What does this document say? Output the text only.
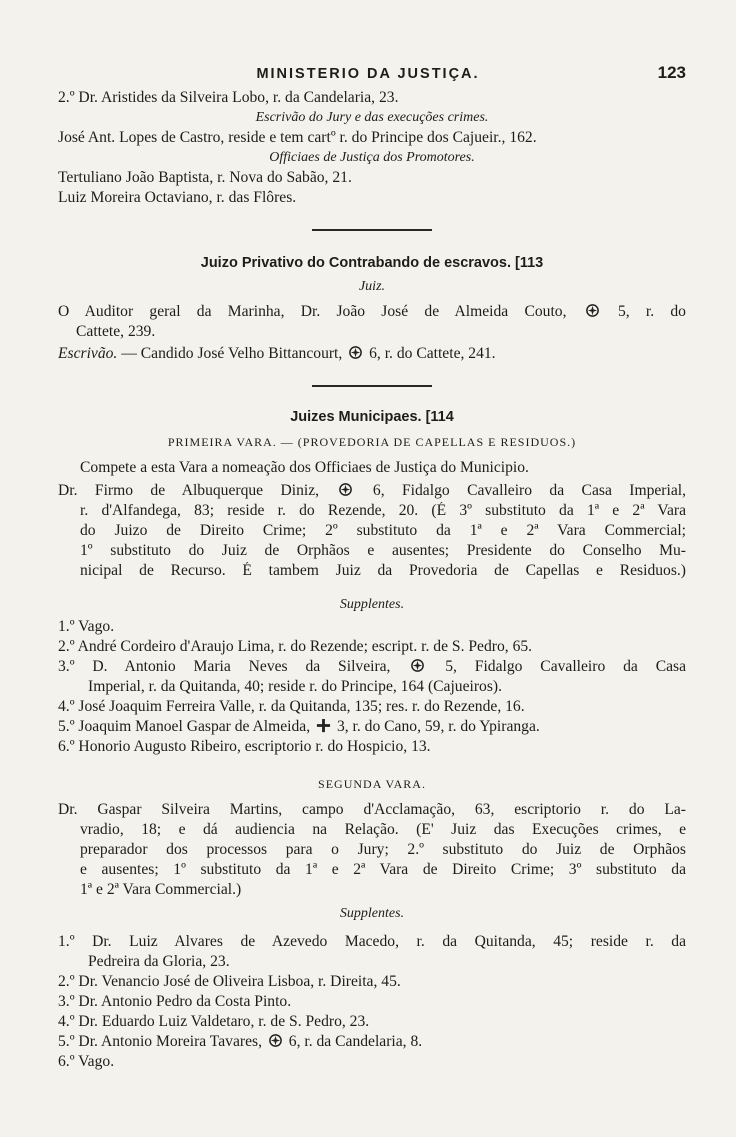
MINISTERIO DA JUSTIÇA.	123
2.º Dr. Aristides da Silveira Lobo, r. da Candelaria, 23.
Escrivão do Jury e das execuções crimes.
José Ant. Lopes de Castro, reside e tem cartº r. do Principe dos Cajueir., 162.
Officiaes de Justiça dos Promotores.
Tertuliano João Baptista, r. Nova do Sabão, 21.
Luiz Moreira Octaviano, r. das Flôres.
Juizo Privativo do Contrabando de escravos. [113
Juiz.
O Auditor geral da Marinha, Dr. João José de Almeida Couto,	5, r. do
Cattete, 239.
Escrivão. — Candido José Velho Bittancourt, 6, r. do Cattete, 241.
Juizes Municipaes. [114
PRIMEIRA VARA. — (PROVEDORIA DE CAPELLAS E RESIDUOS.)
Compete a esta Vara a nomeação dos Officiaes de Justiça do Municipio.
Dr. Firmo de Albuquerque Diniz,	6, Fidalgo Cavalleiro da Casa Imperial,
r. d'Alfandega, 83; reside r. do Rezende, 20. (É 3º substituto da 1ª e 2ª Vara
do Juizo de Direito Crime; 2º substituto da 1ª e 2ª Vara Commercial;
1º substituto do Juiz de Orphãos e ausentes; Presidente do Conselho Mu-
nicipal de Recurso. É tambem Juiz da Provedoria de Capellas e Residuos.)
Supplentes.
1.º Vago.
2.º André Cordeiro d'Araujo Lima, r. do Rezende; escript. r. de S. Pedro, 65.
3.º D. Antonio Maria Neves da Silveira,	5, Fidalgo Cavalleiro da Casa
Imperial, r. da Quitanda, 40; reside r. do Principe, 164 (Cajueiros).
4.º José Joaquim Ferreira Valle, r. da Quitanda, 135; res. r. do Rezende, 16.
5.º Joaquim Manoel Gaspar de Almeida, 3, r. do Cano, 59, r. do Ypiranga.
6.º Honorio Augusto Ribeiro, escriptorio r. do Hospicio, 13.
SEGUNDA VARA.
Dr. Gaspar Silveira Martins, campo d'Acclamação, 63, escriptorio r. do La-
vradio, 18; e dá audiencia na Relação. (E' Juiz das Execuções crimes, e
preparador dos processos para o Jury; 2.º substituto do Juiz de Orphãos
e ausentes; 1º substituto da 1ª e 2ª Vara de Direito Crime; 3º substituto da
1ª e 2ª Vara Commercial.)
Supplentes.
1.º Dr. Luiz Alvares de Azevedo Macedo, r. da Quitanda, 45; reside r. da
Pedreira da Gloria, 23.
2.º Dr. Venancio José de Oliveira Lisboa, r. Direita, 45.
3.º Dr. Antonio Pedro da Costa Pinto.
4.º Dr. Eduardo Luiz Valdetaro, r. de S. Pedro, 23.
5.º Dr. Antonio Moreira Tavares, 6, r. da Candelaria, 8.
6.º Vago.
